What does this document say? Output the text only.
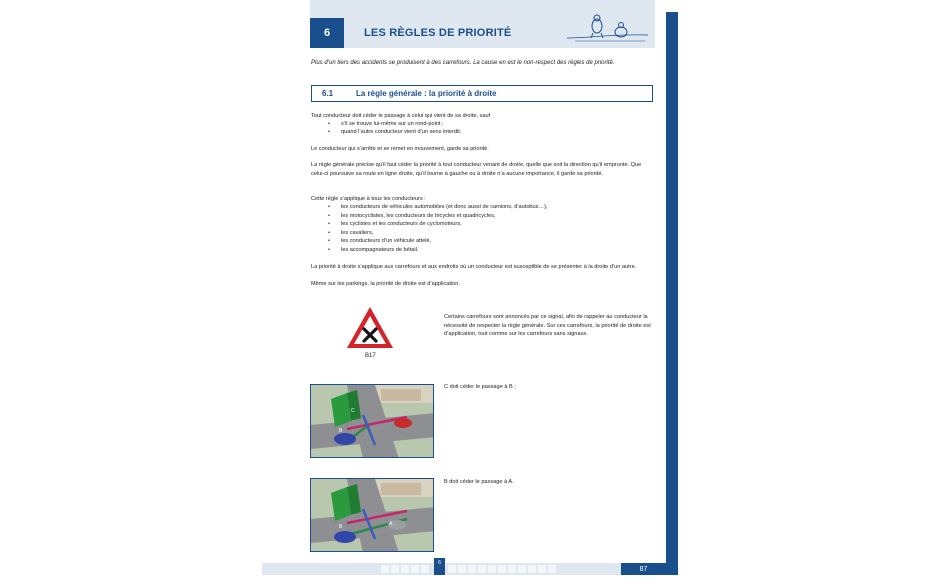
6	LES RÈGLES DE PRIORITÉ
Plus d’un tiers des accidents se produisent à des carrefours. La cause en est le non-respect des règles de priorité.
6.1	La règle générale : la priorité à droite
Tout conducteur doit céder le passage à celui qui vient de sa droite, sauf
• s’il se trouve lui-même sur un rond-point ;
• quand l’autre conducteur vient d’un sens interdit.
Le conducteur qui s’arrête et se remet en mouvement, garde sa priorité.
La règle générale précise qu’il faut céder la priorité à tout conducteur venant de droite, quelle que soit la direction qu’il emprunte. Que celui-ci poursuive sa route en ligne droite, qu’il tourne à gauche ou à droite n’a aucune importance, il garde sa priorité.
Cette règle s’applique à tous les conducteurs :
• les conducteurs de véhicules automobiles (et donc aussi de camions, d’autobus…),
• les motocyclistes, les conducteurs de tricycles et quadricycles,
• les cyclistes et les conducteurs de cyclomoteurs,
• les cavaliers,
• les conducteurs d’un véhicule attelé,
• les accompagnateurs de bétail.
La priorité à droite s’applique aux carrefours et aux endroits où un conducteur est susceptible de se présenter à la droite d’un autre.
Même sur les parkings, la priorité de droite est d’application.
B17
Certains carrefours sont annoncés par ce signal, afin de rappeler au conducteur la nécessité de respecter la règle générale. Sur ces carrefours, la priorité de droite est d’application, tout comme sur les carrefours sans signaux.
C
B
C doit céder le passage à B ;
B	A
B doit céder le passage à A.
6
87
